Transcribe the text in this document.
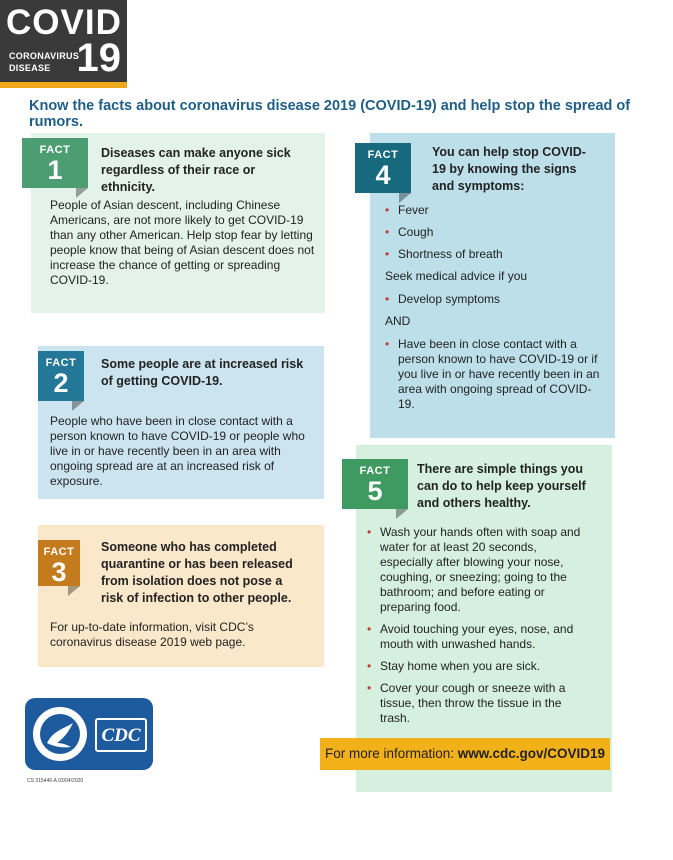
COVID
CORONAVIRUS
DISEASE 19
Know the facts about coronavirus disease 2019 (COVID-19) and help stop the spread of rumors.
FACT
1
Diseases can make anyone sick regardless of their race or ethnicity.
People of Asian descent, including Chinese Americans, are not more likely to get COVID-19 than any other American. Help stop fear by letting people know that being of Asian descent does not increase the chance of getting or spreading COVID-19.
FACT
2
Some people are at increased risk of getting COVID-19.
People who have been in close contact with a person known to have COVID-19 or people who live in or have recently been in an area with ongoing spread are at an increased risk of exposure.
FACT
3
Someone who has completed quarantine or has been released from isolation does not pose a risk of infection to other people.
For up-to-date information, visit CDC’s coronavirus disease 2019 web page.
FACT
4
You can help stop COVID-19 by knowing the signs and symptoms:
• Fever
• Cough
• Shortness of breath
Seek medical advice if you
• Develop symptoms
AND
• Have been in close contact with a person known to have COVID-19 or if you live in or have recently been in an area with ongoing spread of COVID-19.
FACT
5
There are simple things you can do to help keep yourself and others healthy.
• Wash your hands often with soap and water for at least 20 seconds, especially after blowing your nose, coughing, or sneezing; going to the bathroom; and before eating or preparing food.
• Avoid touching your eyes, nose, and mouth with unwashed hands.
• Stay home when you are sick.
• Cover your cough or sneeze with a tissue, then throw the tissue in the trash.
For more information: www.cdc.gov/COVID19
CDC
CS 315446-A 03/04/2020
